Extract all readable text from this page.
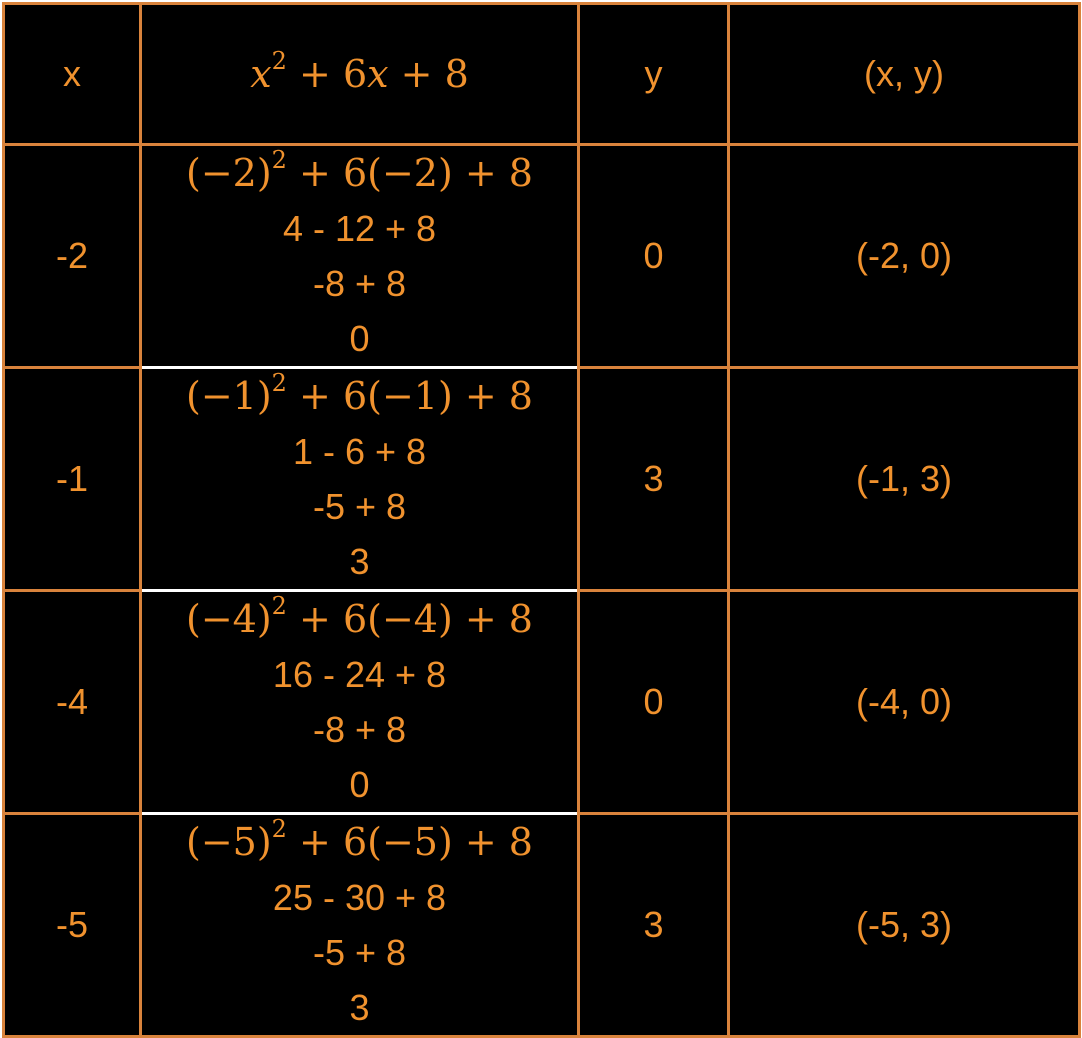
x	$x^2 + 6x + 8$	y	(x, y)
-2	$(-2)^2 + 6(-2) + 8$
4 - 12 + 8
-8 + 8
0	0	(-2, 0)
-1	$(-1)^2 + 6(-1) + 8$
1 - 6 + 8
-5 + 8
3	3	(-1, 3)
-4	$(-4)^2 + 6(-4) + 8$
16 - 24 + 8
-8 + 8
0	0	(-4, 0)
-5	$(-5)^2 + 6(-5) + 8$
25 - 30 + 8
-5 + 8
3	3	(-5, 3)
